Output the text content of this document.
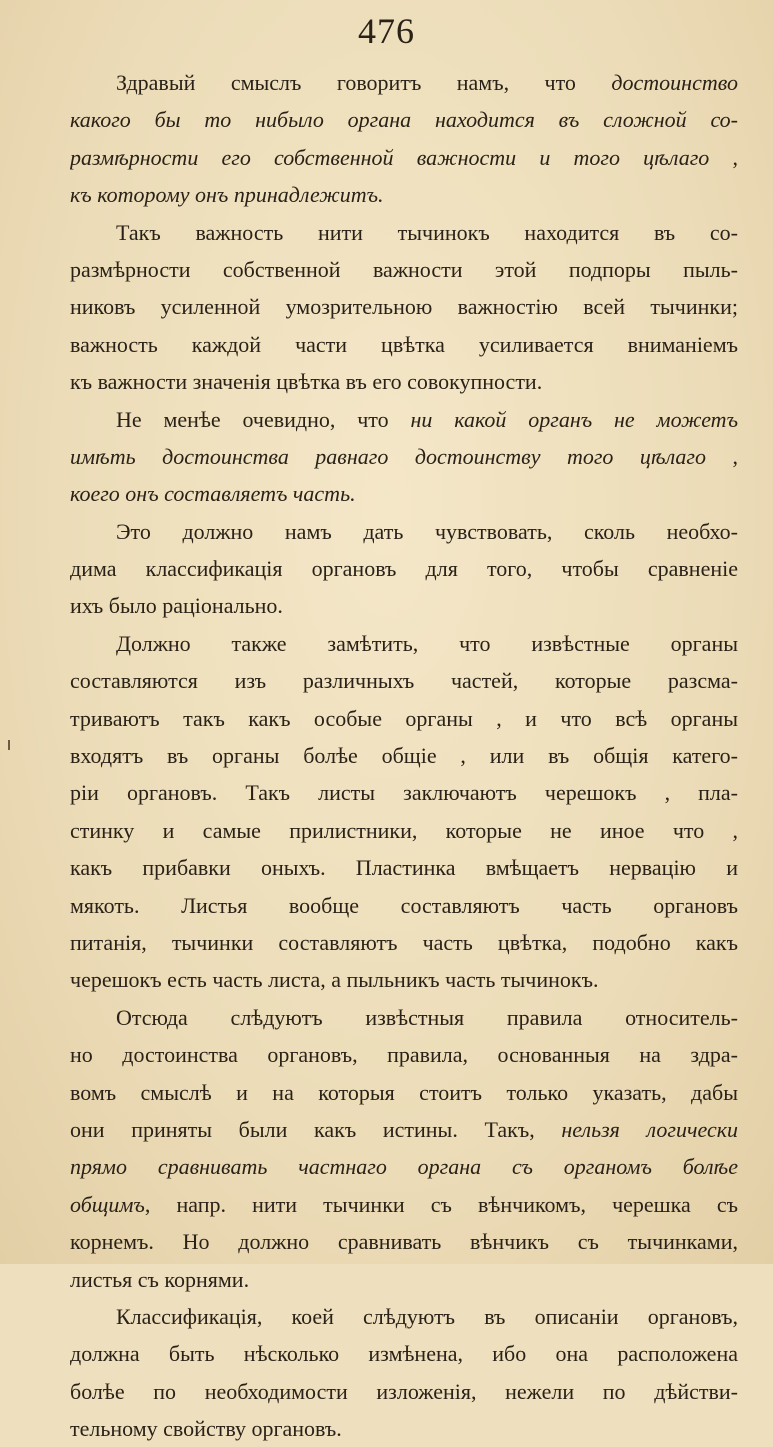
476
Здравый смыслъ говоритъ намъ, что достоинство
какого бы то нибыло органа находится въ сложной со-
размѣрности его собственной важности и того цѣлаго ,
къ которому онъ принадлежитъ.
Такъ важность нити тычинокъ находится въ со-
размѣрности собственной важности этой подпоры пыль-
никовъ усиленной умозрительною важностію всей тычинки;
важность каждой части цвѣтка усиливается вниманіемъ
къ важности значенія цвѣтка въ его совокупности.
Не менѣе очевидно, что ни какой органъ не можетъ
имѣть достоинства равнаго достоинству того цѣлаго ,
коего онъ составляетъ часть.
Это должно намъ дать чувствовать, сколь необхо-
дима классификація органовъ для того, чтобы сравненіе
ихъ было раціонально.
Должно также замѣтить, что извѣстные органы
составляются изъ различныхъ частей, которые разсма-
триваютъ такъ какъ особые органы , и что всѣ органы
входятъ въ органы болѣе общіе , или въ общія катего-
ріи органовъ. Такъ листы заключаютъ черешокъ , пла-
стинку и самые прилистники, которые не иное что ,
какъ прибавки оныхъ. Пластинка вмѣщаетъ нервацію и
мякоть. Листья вообще составляютъ часть органовъ
питанія, тычинки составляютъ часть цвѣтка, подобно какъ
черешокъ есть часть листа, а пыльникъ часть тычинокъ.
Отсюда слѣдуютъ извѣстныя правила относитель-
но достоинства органовъ, правила, основанныя на здра-
вомъ смыслѣ и на которыя стоитъ только указать, дабы
они приняты были какъ истины. Такъ, нельзя логически
прямо сравнивать частнаго органа съ органомъ болѣе
общимъ, напр. нити тычинки съ вѣнчикомъ, черешка съ
корнемъ. Но должно сравнивать вѣнчикъ съ тычинками,
листья съ корнями.
Классификація, коей слѣдуютъ въ описаніи органовъ,
должна быть нѣсколько измѣнена, ибо она расположена
болѣе по необходимости изложенія, нежели по дѣйстви-
тельному свойству органовъ.
